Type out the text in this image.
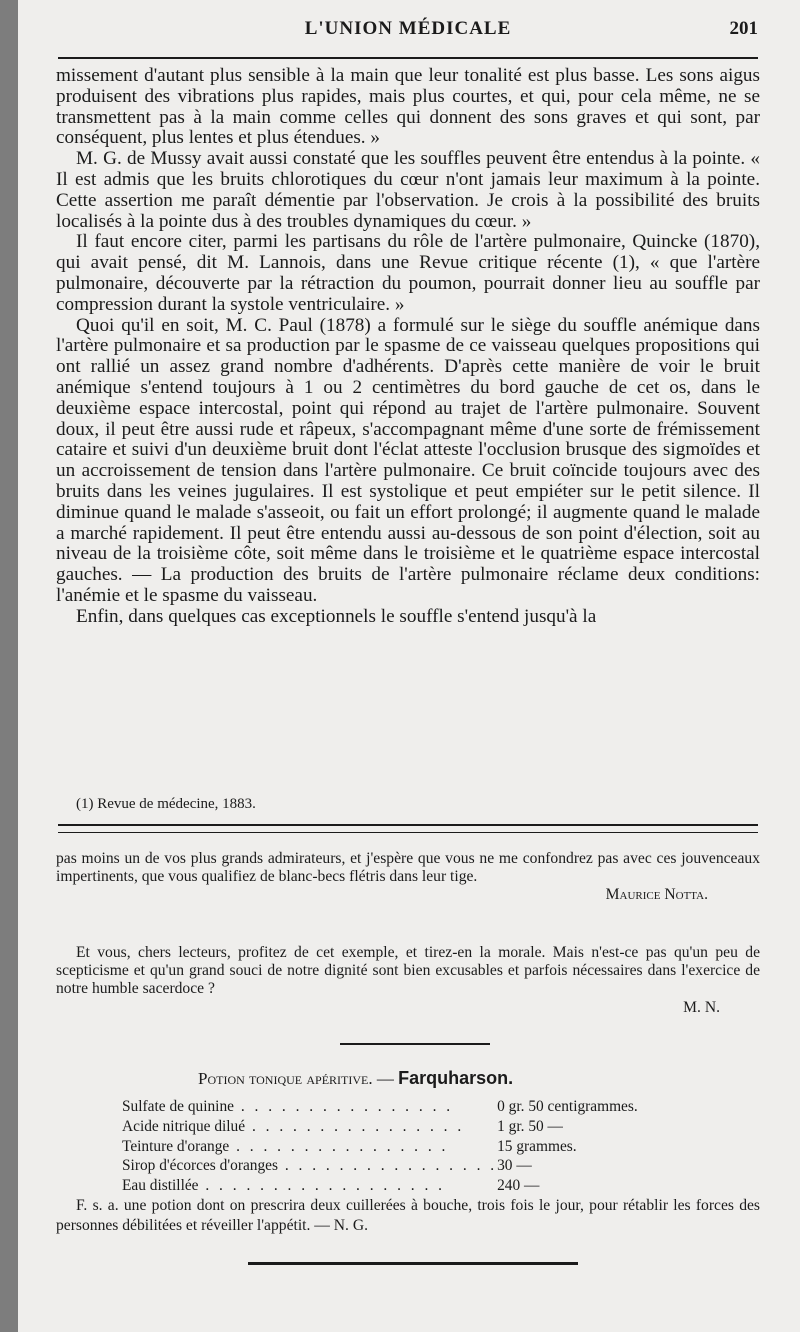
L'UNION MÉDICALE	201

missement d'autant plus sensible à la main que leur tonalité est plus basse. Les sons aigus produisent des vibrations plus rapides, mais plus courtes, et qui, pour cela même, ne se transmettent pas à la main comme celles qui donnent des sons graves et qui sont, par conséquent, plus lentes et plus étendues. »

M. G. de Mussy avait aussi constaté que les souffles peuvent être entendus à la pointe. « Il est admis que les bruits chlorotiques du cœur n'ont jamais leur maximum à la pointe. Cette assertion me paraît démentie par l'observation. Je crois à la possibilité des bruits localisés à la pointe dus à des troubles dynamiques du cœur. »

Il faut encore citer, parmi les partisans du rôle de l'artère pulmonaire, Quincke (1870), qui avait pensé, dit M. Lannois, dans une Revue critique récente (1), « que l'artère pulmonaire, découverte par la rétraction du poumon, pourrait donner lieu au souffle par compression durant la systole ventriculaire. »

Quoi qu'il en soit, M. C. Paul (1878) a formulé sur le siège du souffle anémique dans l'artère pulmonaire et sa production par le spasme de ce vaisseau quelques propositions qui ont rallié un assez grand nombre d'adhérents. D'après cette manière de voir le bruit anémique s'entend toujours à 1 ou 2 centimètres du bord gauche de cet os, dans le deuxième espace intercostal, point qui répond au trajet de l'artère pulmonaire. Souvent doux, il peut être aussi rude et râpeux, s'accompagnant même d'une sorte de frémissement cataire et suivi d'un deuxième bruit dont l'éclat atteste l'occlusion brusque des sigmoïdes et un accroissement de tension dans l'artère pulmonaire. Ce bruit coïncide toujours avec des bruits dans les veines jugulaires. Il est systolique et peut empiéter sur le petit silence. Il diminue quand le malade s'asseoit, ou fait un effort prolongé; il augmente quand le malade a marché rapidement. Il peut être entendu aussi au-dessous de son point d'élection, soit au niveau de la troisième côte, soit même dans le troisième et le quatrième espace intercostal gauches. — La production des bruits de l'artère pulmonaire réclame deux conditions: l'anémie et le spasme du vaisseau.

Enfin, dans quelques cas exceptionnels le souffle s'entend jusqu'à la

(1) Revue de médecine, 1883.

pas moins un de vos plus grands admirateurs, et j'espère que vous ne me confondrez pas avec ces jouvenceaux impertinents, que vous qualifiez de blanc-becs flétris dans leur tige.

Maurice Notta.

Et vous, chers lecteurs, profitez de cet exemple, et tirez-en la morale. Mais n'est-ce pas qu'un peu de scepticisme et qu'un grand souci de notre dignité sont bien excusables et parfois nécessaires dans l'exercice de notre humble sacerdoce ?

M. N.

Potion tonique apéritive. — Farquharson.
Sulfate de quinine . . . . . . . . . . . . . . . .	0 gr. 50 centigrammes.
Acide nitrique dilué . . . . . . . . . . . . . . . .	1 gr. 50 —
Teinture d'orange . . . . . . . . . . . . . . . .	15 grammes.
Sirop d'écorces d'oranges . . . . . . . . . . . . . . . .	30 —
Eau distillée . . . . . . . . . . . . . . . . . .	240 —

F. s. a. une potion dont on prescrira deux cuillerées à bouche, trois fois le jour, pour rétablir les forces des personnes débilitées et réveiller l'appétit. — N. G.
